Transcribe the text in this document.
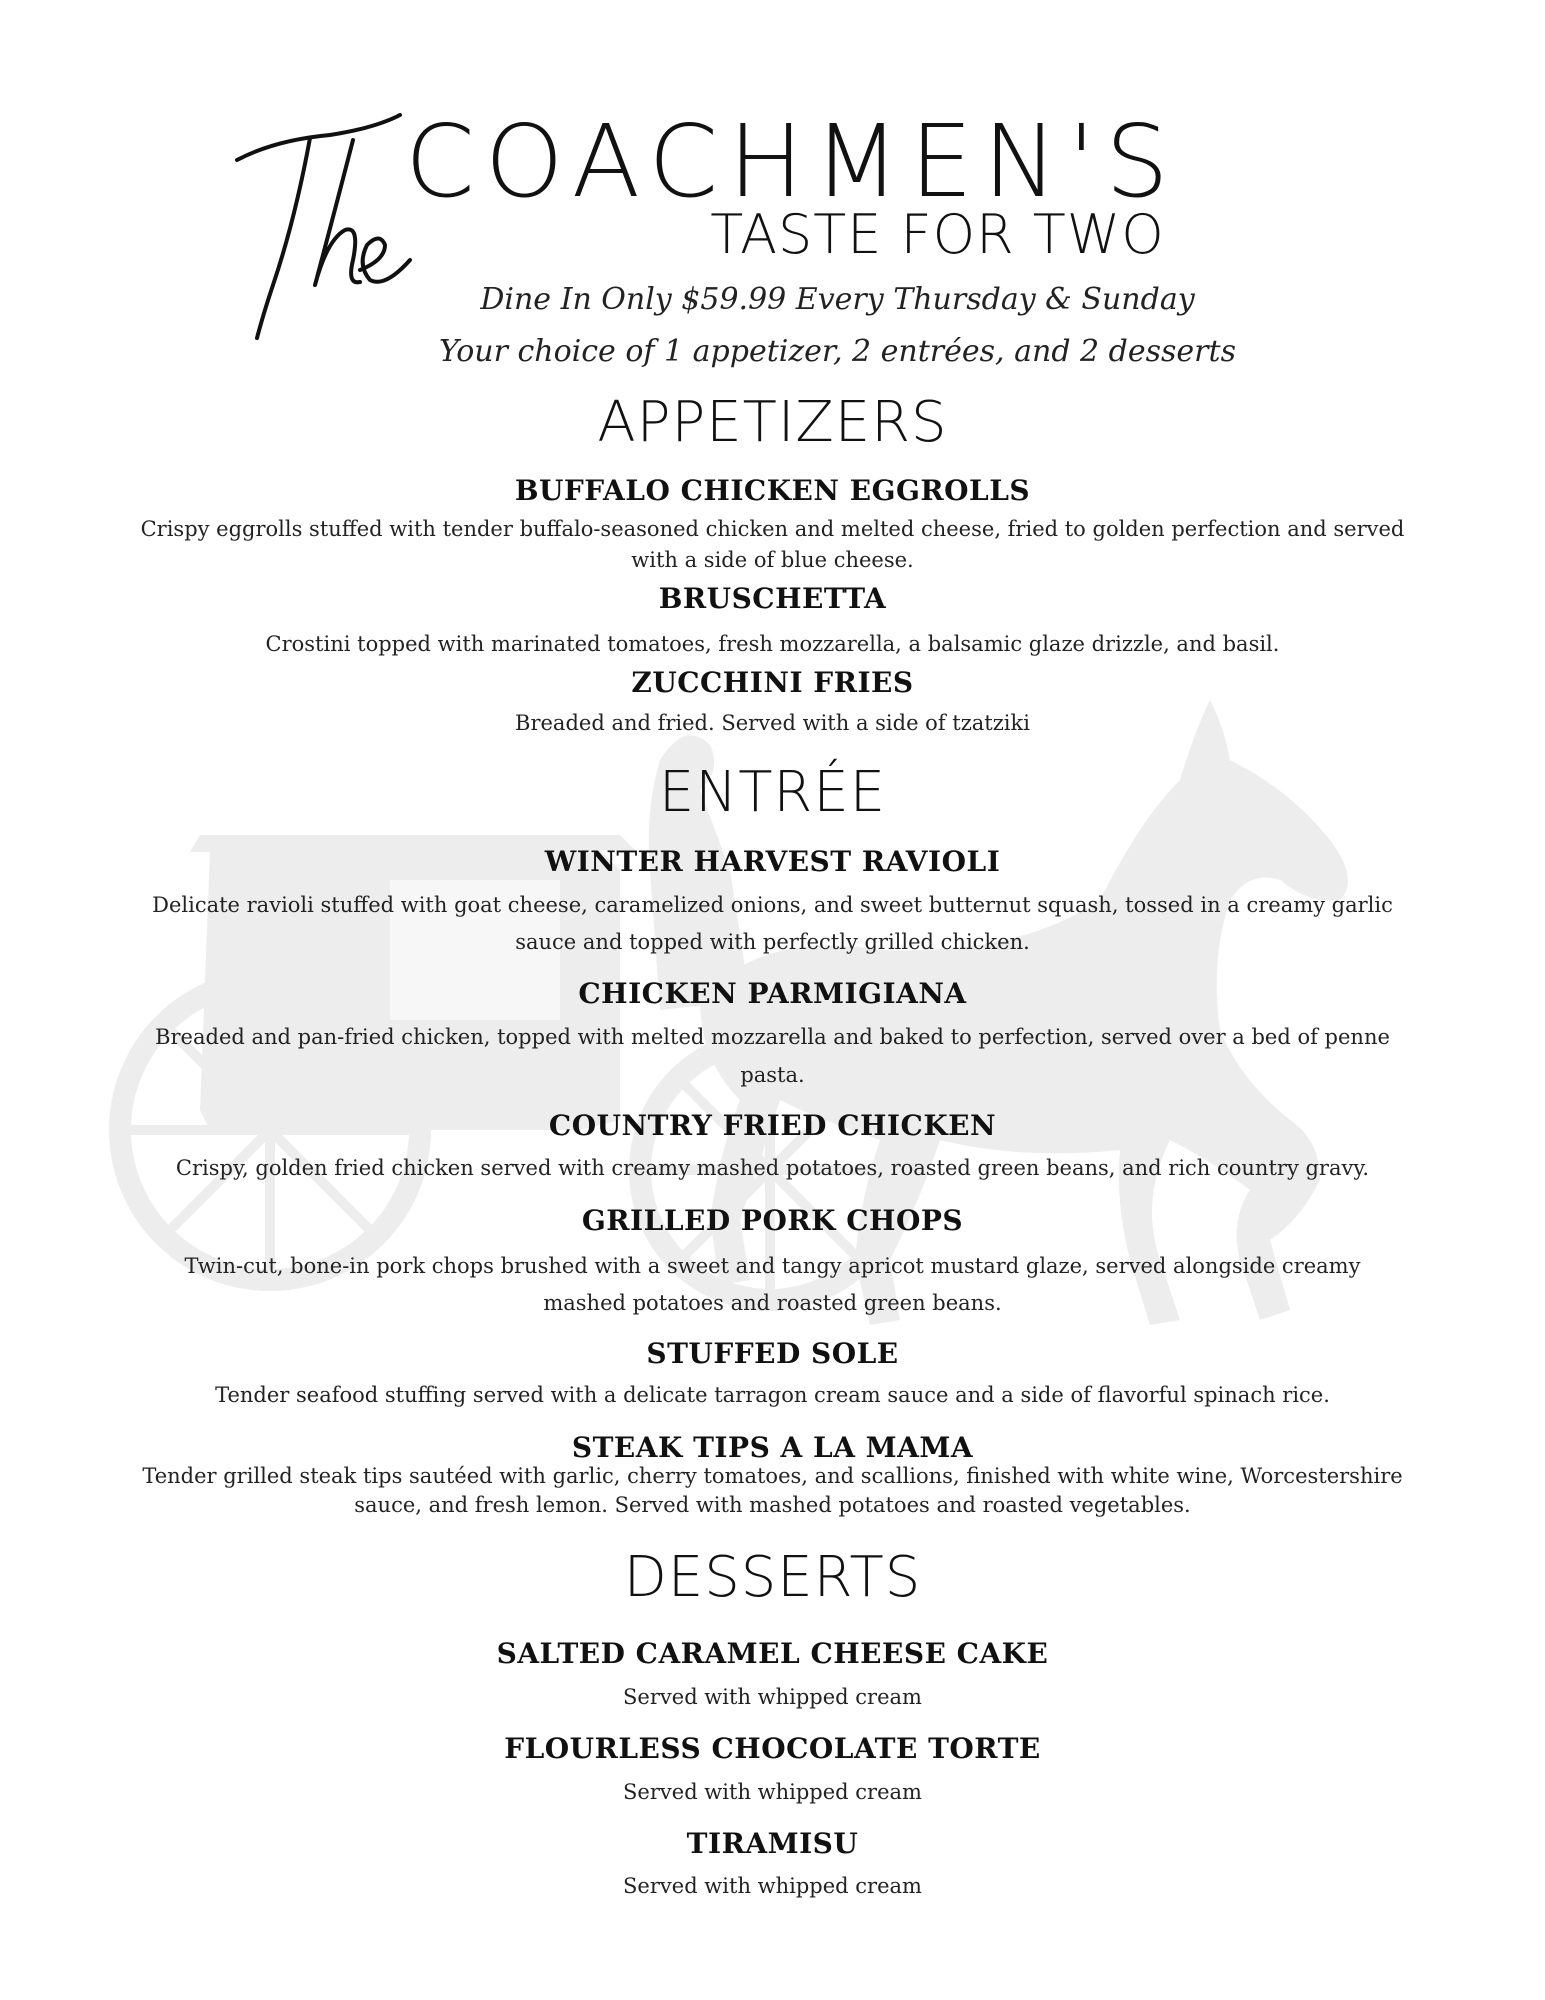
COACHMEN'S
TASTE FOR TWO
Dine In Only $59.99 Every Thursday & Sunday
Your choice of 1 appetizer, 2 entrées, and 2 desserts
APPETIZERS
BUFFALO CHICKEN EGGROLLS
Crispy eggrolls stuffed with tender buffalo-seasoned chicken and melted cheese, fried to golden perfection and served with a side of blue cheese.
BRUSCHETTA
Crostini topped with marinated tomatoes, fresh mozzarella, a balsamic glaze drizzle, and basil.
ZUCCHINI FRIES
Breaded and fried. Served with a side of tzatziki
ENTRÉE
WINTER HARVEST RAVIOLI
Delicate ravioli stuffed with goat cheese, caramelized onions, and sweet butternut squash, tossed in a creamy garlic sauce and topped with perfectly grilled chicken.
CHICKEN PARMIGIANA
Breaded and pan-fried chicken, topped with melted mozzarella and baked to perfection, served over a bed of penne pasta.
COUNTRY FRIED CHICKEN
Crispy, golden fried chicken served with creamy mashed potatoes, roasted green beans, and rich country gravy.
GRILLED PORK CHOPS
Twin-cut, bone-in pork chops brushed with a sweet and tangy apricot mustard glaze, served alongside creamy mashed potatoes and roasted green beans.
STUFFED SOLE
Tender seafood stuffing served with a delicate tarragon cream sauce and a side of flavorful spinach rice.
STEAK TIPS A LA MAMA
Tender grilled steak tips sautéed with garlic, cherry tomatoes, and scallions, finished with white wine, Worcestershire sauce, and fresh lemon. Served with mashed potatoes and roasted vegetables.
DESSERTS
SALTED CARAMEL CHEESE CAKE
Served with whipped cream
FLOURLESS CHOCOLATE TORTE
Served with whipped cream
TIRAMISU
Served with whipped cream
